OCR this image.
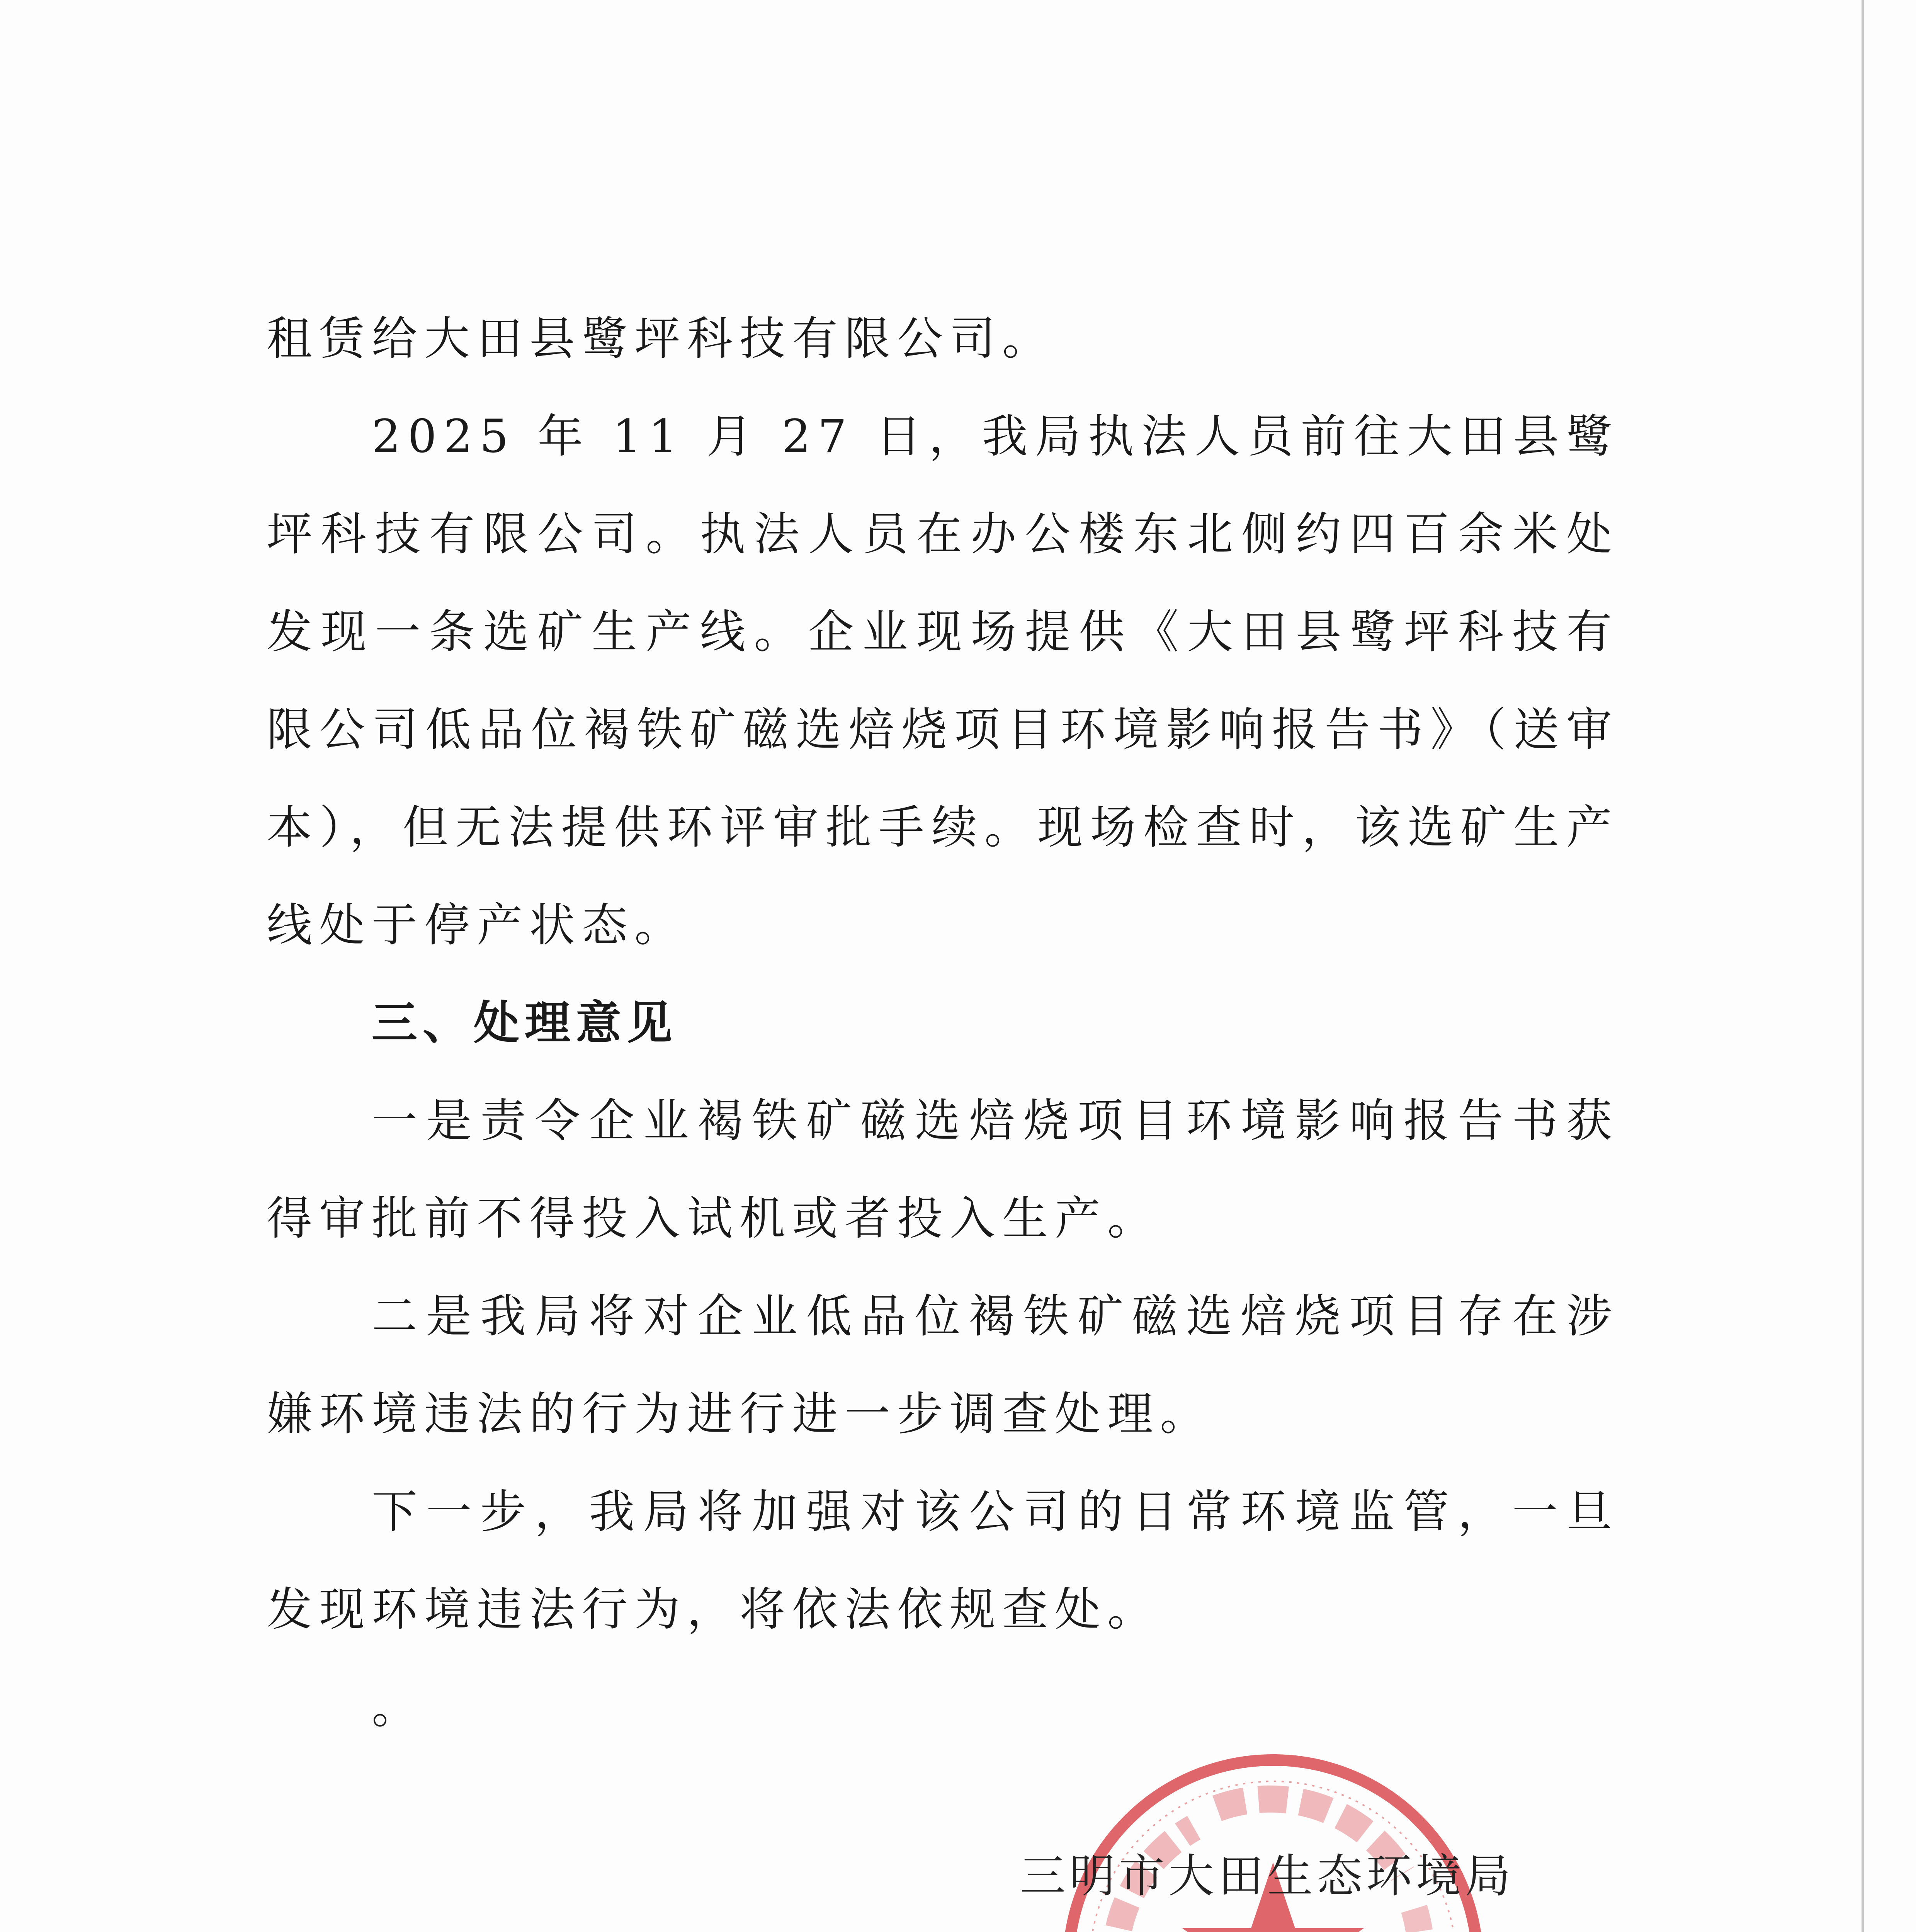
租赁给大田县鹭坪科技有限公司。

2025 年 11 月 27 日，我局执法人员前往大田县鹭坪科技有限公司。执法人员在办公楼东北侧约四百余米处发现一条选矿生产线。企业现场提供《大田县鹭坪科技有限公司低品位褐铁矿磁选焙烧项目环境影响报告书》（送审本），但无法提供环评审批手续。现场检查时，该选矿生产线处于停产状态。

三、处理意见

一是责令企业褐铁矿磁选焙烧项目环境影响报告书获得审批前不得投入试机或者投入生产。

二是我局将对企业低品位褐铁矿磁选焙烧项目存在涉嫌环境违法的行为进行进一步调查处理。

下一步，我局将加强对该公司的日常环境监管，一旦发现环境违法行为，将依法依规查处。

。

三明市大田生态环境局
